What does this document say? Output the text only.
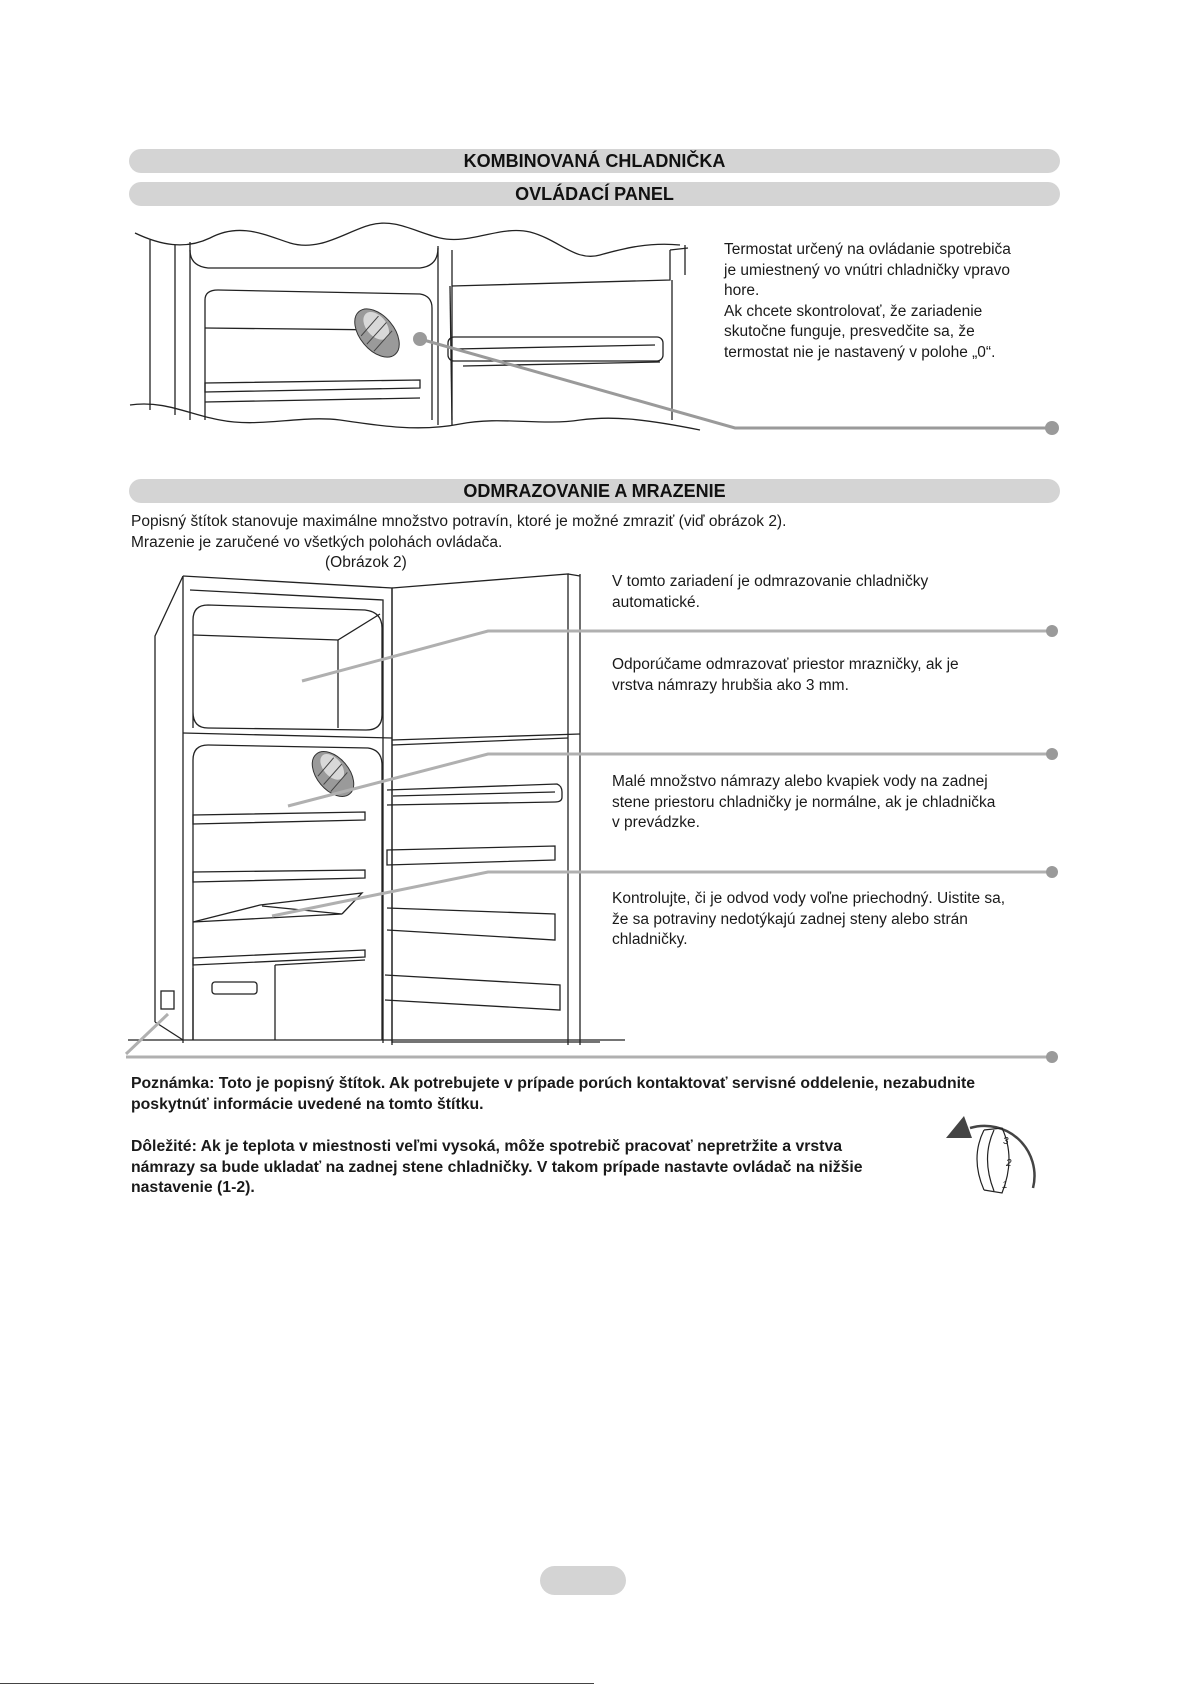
KOMBINOVANÁ CHLADNIČKA
OVLÁDACÍ PANEL
Termostat určený na ovládanie spotrebiča
je umiestnený vo vnútri chladničky vpravo
hore.
Ak chcete skontrolovať, že zariadenie
skutočne funguje, presvedčite sa, že
termostat nie je nastavený v polohe „0“.
ODMRAZOVANIE A MRAZENIE
Popisný štítok stanovuje maximálne množstvo potravín, ktoré je možné zmraziť (viď obrázok 2).
Mrazenie je zaručené vo všetkých polohách ovládača.
(Obrázok 2)
V tomto zariadení je odmrazovanie chladničky
automatické.
Odporúčame odmrazovať priestor mrazničky, ak je
vrstva námrazy hrubšia ako 3 mm.
Malé množstvo námrazy alebo kvapiek vody na zadnej
stene priestoru chladničky je normálne, ak je chladnička
v prevádzke.
Kontrolujte, či je odvod vody voľne priechodný. Uistite sa,
že sa potraviny nedotýkajú zadnej steny alebo strán
chladničky.
Poznámka: Toto je popisný štítok. Ak potrebujete v prípade porúch kontaktovať servisné oddelenie, nezabudnite
poskytnúť informácie uvedené na tomto štítku.
Dôležité: Ak je teplota v miestnosti veľmi vysoká, môže spotrebič pracovať nepretržite a vrstva
námrazy sa bude ukladať na zadnej stene chladničky. V takom prípade nastavte ovládač na nižšie
nastavenie (1-2).
3
2
1
